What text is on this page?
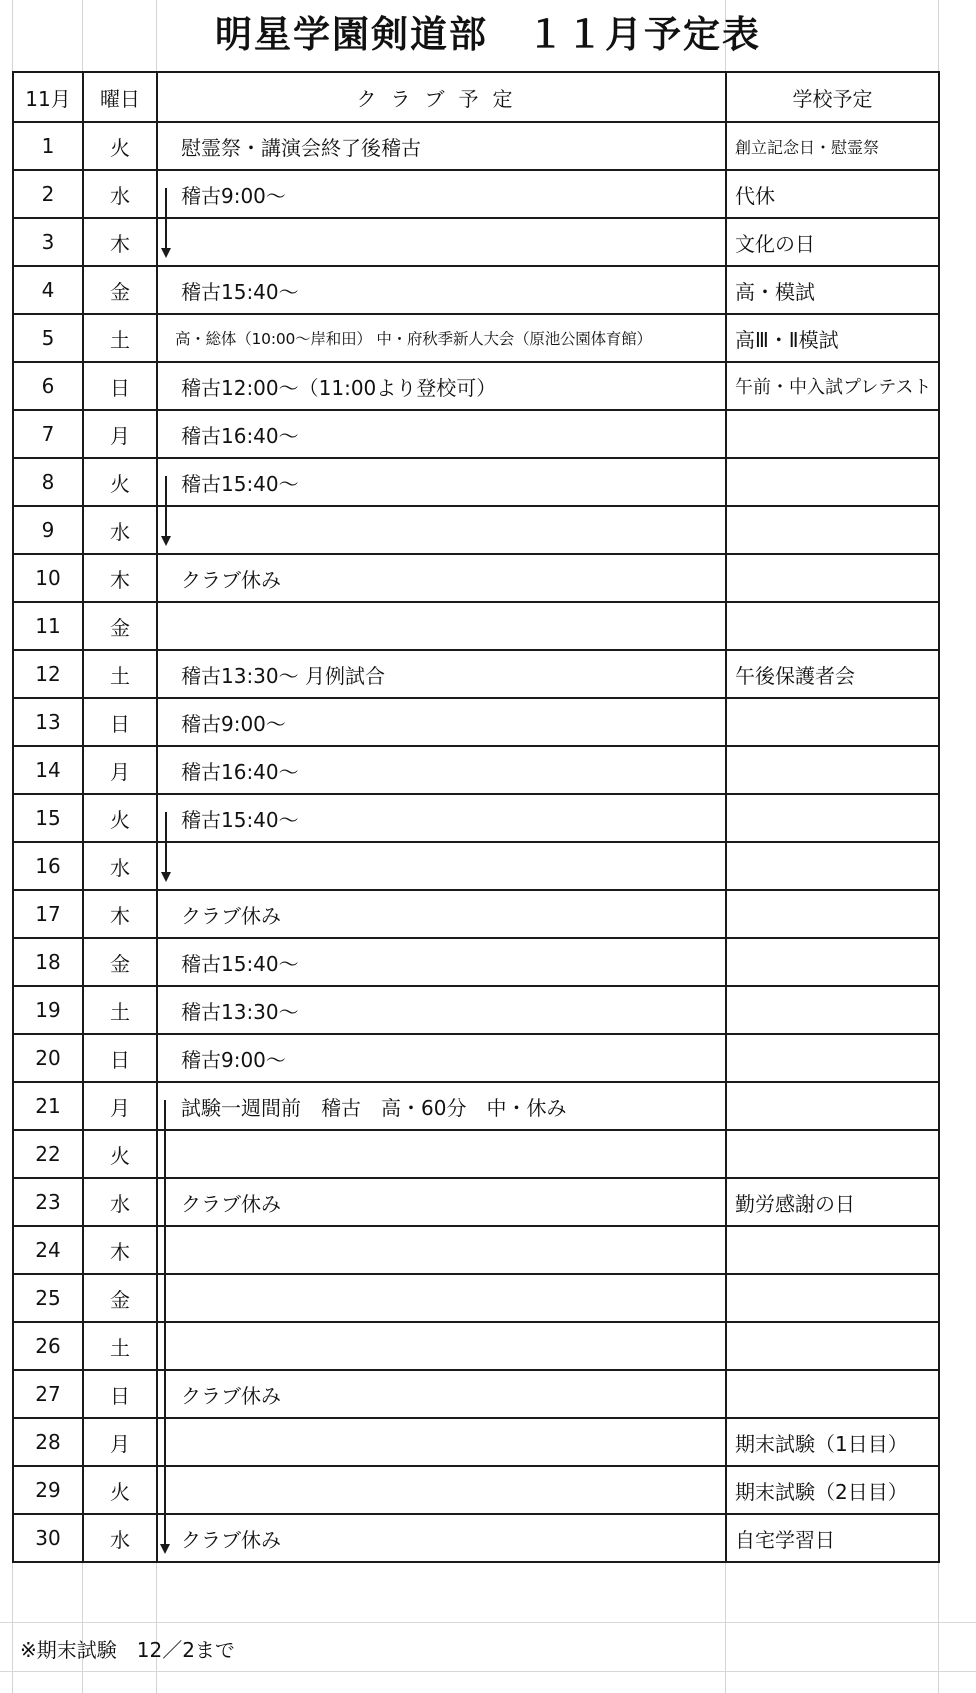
明星学園剣道部　１１月予定表
11月	曜日	クラブ予定	学校予定
1	火	慰霊祭・講演会終了後稽古	創立記念日・慰霊祭
2	水	稽古9:00～	代休
3	木		文化の日
4	金	稽古15:40～	高・模試
5	土	高・総体（10:00～岸和田） 中・府秋季新人大会（原池公園体育館）	高Ⅲ・Ⅱ模試
6	日	稽古12:00～（11:00より登校可）	午前・中入試プレテスト
7	月	稽古16:40～	
8	火	稽古15:40～	
9	水		
10	木	クラブ休み	
11	金		
12	土	稽古13:30～ 月例試合	午後保護者会
13	日	稽古9:00～	
14	月	稽古16:40～	
15	火	稽古15:40～	
16	水		
17	木	クラブ休み	
18	金	稽古15:40～	
19	土	稽古13:30～	
20	日	稽古9:00～	
21	月	試験一週間前　稽古　高・60分　中・休み	
22	火		
23	水	クラブ休み	勤労感謝の日
24	木		
25	金		
26	土		
27	日	クラブ休み	
28	月		期末試験（1日目）
29	火		期末試験（2日目）
30	水	クラブ休み	自宅学習日
※期末試験　12／2まで
